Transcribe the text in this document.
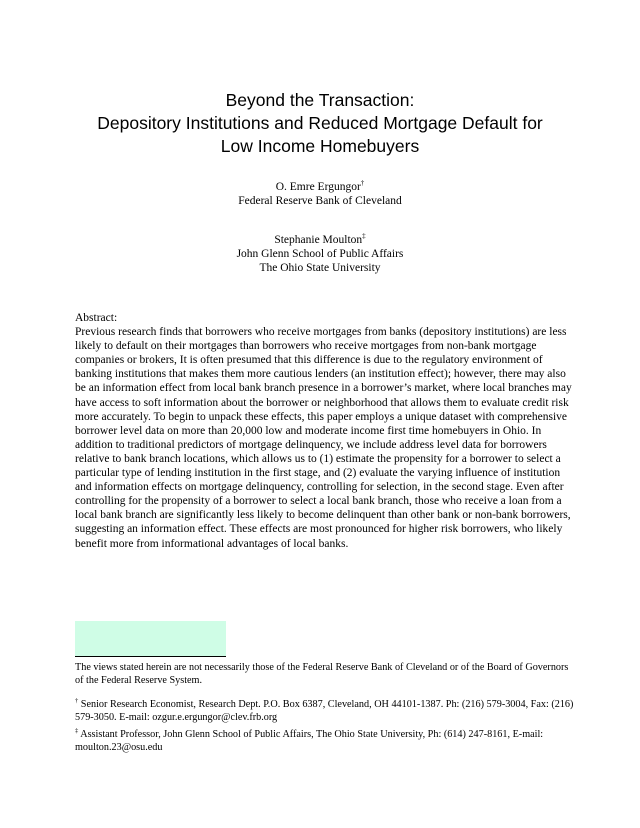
Beyond the Transaction:
Depository Institutions and Reduced Mortgage Default for
Low Income Homebuyers
O. Emre Ergungor†
Federal Reserve Bank of Cleveland
Stephanie Moulton‡
John Glenn School of Public Affairs
The Ohio State University
Abstract:
Previous research finds that borrowers who receive mortgages from banks (depository institutions) are less likely to default on their mortgages than borrowers who receive mortgages from non-bank mortgage companies or brokers, It is often presumed that this difference is due to the regulatory environment of banking institutions that makes them more cautious lenders (an institution effect); however, there may also be an information effect from local bank branch presence in a borrower’s market, where local branches may have access to soft information about the borrower or neighborhood that allows them to evaluate credit risk more accurately. To begin to unpack these effects, this paper employs a unique dataset with comprehensive borrower level data on more than 20,000 low and moderate income first time homebuyers in Ohio. In addition to traditional predictors of mortgage delinquency, we include address level data for borrowers relative to bank branch locations, which allows us to (1) estimate the propensity for a borrower to select a particular type of lending institution in the first stage, and (2) evaluate the varying influence of institution and information effects on mortgage delinquency, controlling for selection, in the second stage. Even after controlling for the propensity of a borrower to select a local bank branch, those who receive a loan from a local bank branch are significantly less likely to become delinquent than other bank or non-bank borrowers, suggesting an information effect. These effects are most pronounced for higher risk borrowers, who likely benefit more from informational advantages of local banks.
The views stated herein are not necessarily those of the Federal Reserve Bank of Cleveland or of the Board of Governors of the Federal Reserve System.
† Senior Research Economist, Research Dept. P.O. Box 6387, Cleveland, OH 44101-1387. Ph: (216) 579-3004, Fax: (216) 579-3050. E-mail: ozgur.e.ergungor@clev.frb.org
‡ Assistant Professor, John Glenn School of Public Affairs, The Ohio State University, Ph: (614) 247-8161, E-mail: moulton.23@osu.edu
